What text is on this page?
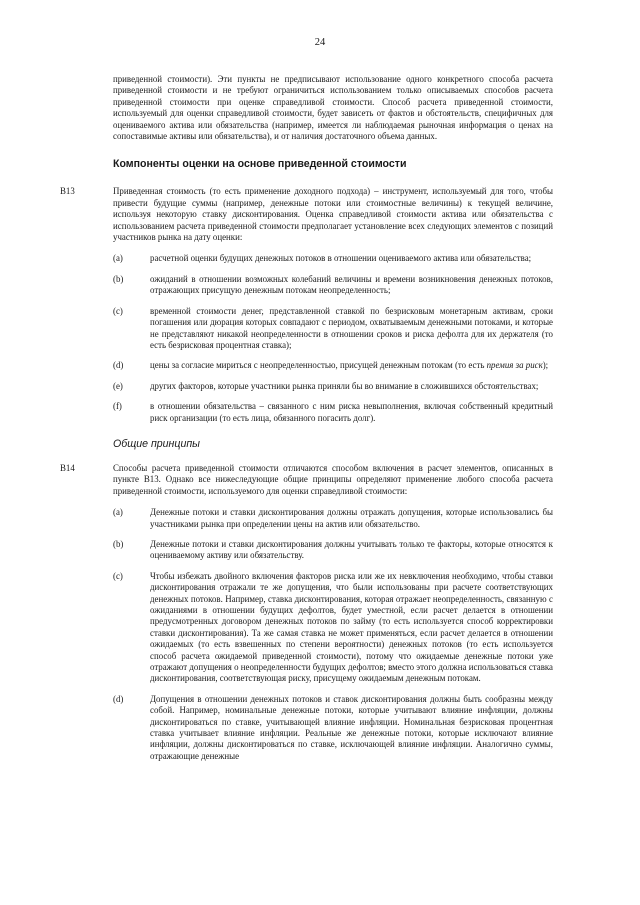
24

приведенной стоимости). Эти пункты не предписывают использование одного конкретного способа расчета приведенной стоимости и не требуют ограничиться использованием только описываемых способов расчета приведенной стоимости при оценке справедливой стоимости. Способ расчета приведенной стоимости, используемый для оценки справедливой стоимости, будет зависеть от фактов и обстоятельств, специфичных для оцениваемого актива или обязательства (например, имеется ли наблюдаемая рыночная информация о ценах на сопоставимые активы или обязательства), и от наличия достаточного объема данных.

Компоненты оценки на основе приведенной стоимости
B13	Приведенная стоимость (то есть применение доходного подхода) – инструмент, используемый для того, чтобы привести будущие суммы (например, денежные потоки или стоимостные величины) к текущей величине, используя некоторую ставку дисконтирования. Оценка справедливой стоимости актива или обязательства с использованием расчета приведенной стоимости предполагает установление всех следующих элементов с позиций участников рынка на дату оценки:
(a)	расчетной оценки будущих денежных потоков в отношении оцениваемого актива или обязательства;
(b)	ожиданий в отношении возможных колебаний величины и времени возникновения денежных потоков, отражающих присущую денежным потокам неопределенность;
(c)	временной стоимости денег, представленной ставкой по безрисковым монетарным активам, сроки погашения или дюрация которых совпадают с периодом, охватываемым денежными потоками, и которые не представляют никакой неопределенности в отношении сроков и риска дефолта для их держателя (то есть безрисковая процентная ставка);
(d)	цены за согласие мириться с неопределенностью, присущей денежным потокам (то есть премия за риск);
(e)	других факторов, которые участники рынка приняли бы во внимание в сложившихся обстоятельствах;
(f)	в отношении обязательства – связанного с ним риска невыполнения, включая собственный кредитный риск организации (то есть лица, обязанного погасить долг).
Общие принципы
B14	Способы расчета приведенной стоимости отличаются способом включения в расчет элементов, описанных в пункте B13. Однако все нижеследующие общие принципы определяют применение любого способа расчета приведенной стоимости, используемого для оценки справедливой стоимости:
(a)	Денежные потоки и ставки дисконтирования должны отражать допущения, которые использовались бы участниками рынка при определении цены на актив или обязательство.
(b)	Денежные потоки и ставки дисконтирования должны учитывать только те факторы, которые относятся к оцениваемому активу или обязательству.
(c)	Чтобы избежать двойного включения факторов риска или же их невключения необходимо, чтобы ставки дисконтирования отражали те же допущения, что были использованы при расчете соответствующих денежных потоков. Например, ставка дисконтирования, которая отражает неопределенность, связанную с ожиданиями в отношении будущих дефолтов, будет уместной, если расчет делается в отношении предусмотренных договором денежных потоков по займу (то есть используется способ корректировки ставки дисконтирования). Та же самая ставка не может применяться, если расчет делается в отношении ожидаемых (то есть взвешенных по степени вероятности) денежных потоков (то есть используется способ расчета ожидаемой приведенной стоимости), потому что ожидаемые денежные потоки уже отражают допущения о неопределенности будущих дефолтов; вместо этого должна использоваться ставка дисконтирования, соответствующая риску, присущему ожидаемым денежным потокам.
(d)	Допущения в отношении денежных потоков и ставок дисконтирования должны быть сообразны между собой. Например, номинальные денежные потоки, которые учитывают влияние инфляции, должны дисконтироваться по ставке, учитывающей влияние инфляции. Номинальная безрисковая процентная ставка учитывает влияние инфляции. Реальные же денежные потоки, которые исключают влияние инфляции, должны дисконтироваться по ставке, исключающей влияние инфляции. Аналогично суммы, отражающие денежные
